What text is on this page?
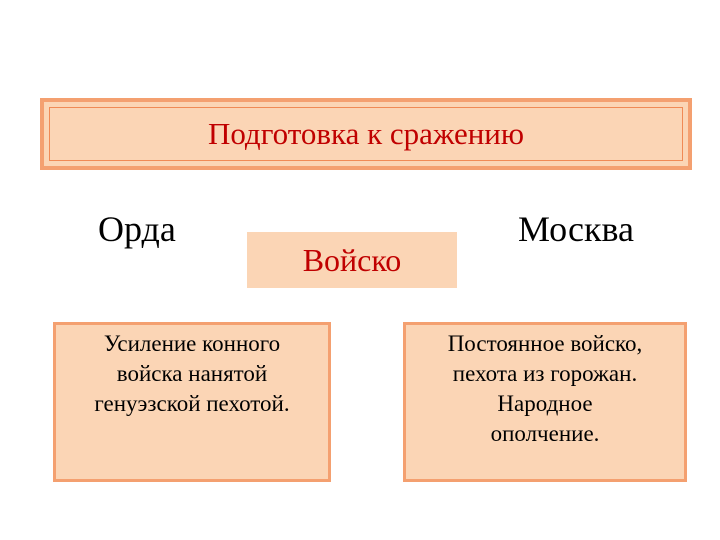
Подготовка к сражению
Орда	Москва
Войско
Усиление конного
войска нанятой
генуэзской пехотой.
Постоянное войско,
пехота из горожан.
Народное
ополчение.
